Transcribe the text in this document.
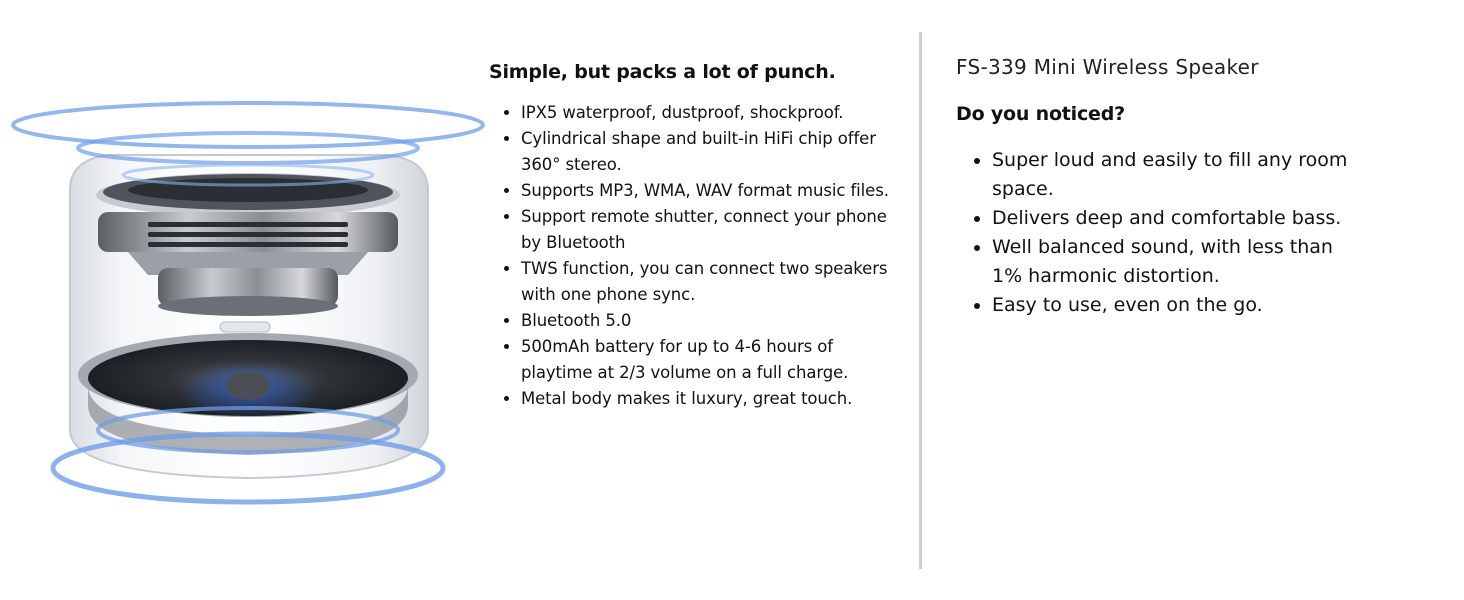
Simple, but packs a lot of punch.
• IPX5 waterproof, dustproof, shockproof.
• Cylindrical shape and built-in HiFi chip offer 360° stereo.
• Supports MP3, WMA, WAV format music files.
• Support remote shutter, connect your phone by Bluetooth
• TWS function, you can connect two speakers with one phone sync.
• Bluetooth 5.0
• 500mAh battery for up to 4-6 hours of playtime at 2/3 volume on a full charge.
• Metal body makes it luxury, great touch.
FS-339 Mini Wireless Speaker
Do you noticed?
• Super loud and easily to fill any room space.
• Delivers deep and comfortable bass.
• Well balanced sound, with less than 1% harmonic distortion.
• Easy to use, even on the go.
